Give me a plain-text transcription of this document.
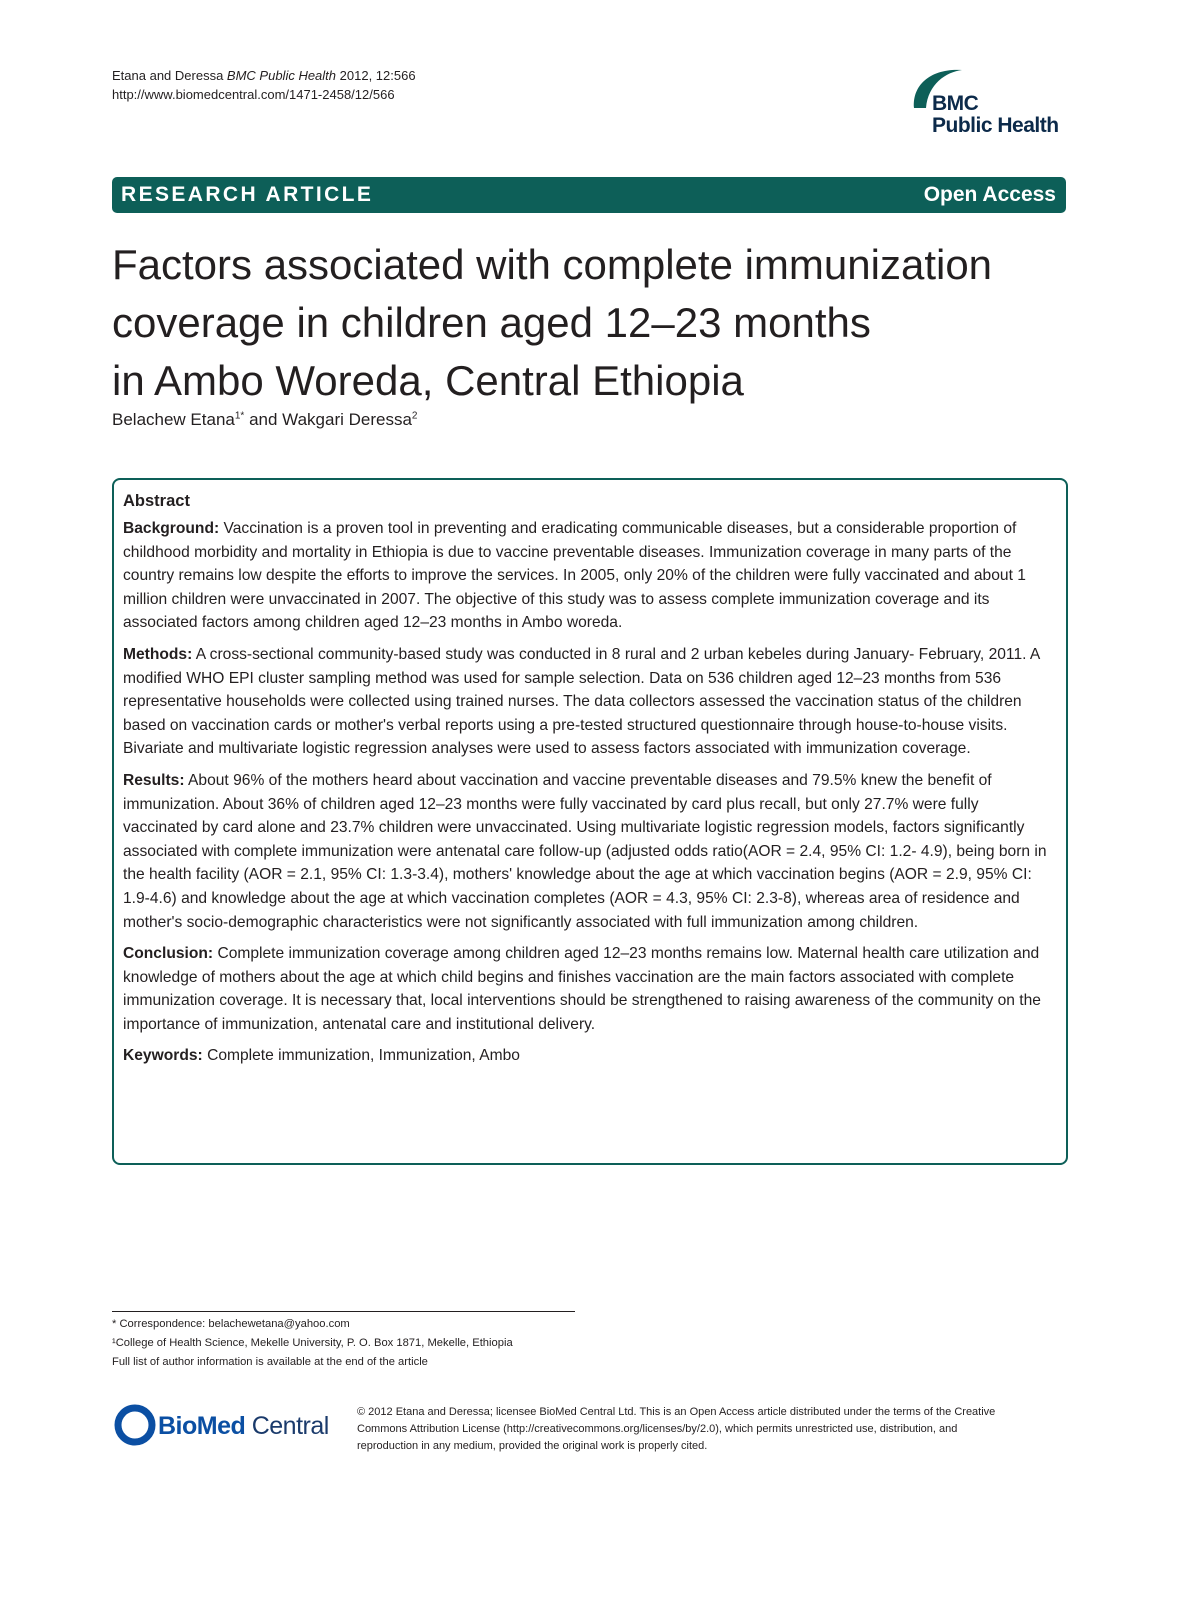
Etana and Deressa BMC Public Health 2012, 12:566
http://www.biomedcentral.com/1471-2458/12/566	BMC
Public Health
RESEARCH ARTICLE	Open Access
Factors associated with complete immunization
coverage in children aged 12–23 months
in Ambo Woreda, Central Ethiopia
Belachew Etana$^{1*}$ and Wakgari Deressa$^2$
Abstract

Background: Vaccination is a proven tool in preventing and eradicating communicable diseases, but a considerable proportion of childhood morbidity and mortality in Ethiopia is due to vaccine preventable diseases. Immunization coverage in many parts of the country remains low despite the efforts to improve the services. In 2005, only 20% of the children were fully vaccinated and about 1 million children were unvaccinated in 2007. The objective of this study was to assess complete immunization coverage and its associated factors among children aged 12–23 months in Ambo woreda.

Methods: A cross-sectional community-based study was conducted in 8 rural and 2 urban kebeles during January- February, 2011. A modified WHO EPI cluster sampling method was used for sample selection. Data on 536 children aged 12–23 months from 536 representative households were collected using trained nurses. The data collectors assessed the vaccination status of the children based on vaccination cards or mother's verbal reports using a pre-tested structured questionnaire through house-to-house visits. Bivariate and multivariate logistic regression analyses were used to assess factors associated with immunization coverage.

Results: About 96% of the mothers heard about vaccination and vaccine preventable diseases and 79.5% knew the benefit of immunization. About 36% of children aged 12–23 months were fully vaccinated by card plus recall, but only 27.7% were fully vaccinated by card alone and 23.7% children were unvaccinated. Using multivariate logistic regression models, factors significantly associated with complete immunization were antenatal care follow-up (adjusted odds ratio(AOR = 2.4, 95% CI: 1.2- 4.9), being born in the health facility (AOR = 2.1, 95% CI: 1.3-3.4), mothers' knowledge about the age at which vaccination begins (AOR = 2.9, 95% CI: 1.9-4.6) and knowledge about the age at which vaccination completes (AOR = 4.3, 95% CI: 2.3-8), whereas area of residence and mother's socio-demographic characteristics were not significantly associated with full immunization among children.

Conclusion: Complete immunization coverage among children aged 12–23 months remains low. Maternal health care utilization and knowledge of mothers about the age at which child begins and finishes vaccination are the main factors associated with complete immunization coverage. It is necessary that, local interventions should be strengthened to raising awareness of the community on the importance of immunization, antenatal care and institutional delivery.

Keywords: Complete immunization, Immunization, Ambo

* Correspondence: belachewetana@yahoo.com

¹College of Health Science, Mekelle University, P. O. Box 1871, Mekelle, Ethiopia

Full list of author information is available at the end of the article

BioMed Central	© 2012 Etana and Deressa; licensee BioMed Central Ltd. This is an Open Access article distributed under the terms of the Creative Commons Attribution License (http://creativecommons.org/licenses/by/2.0), which permits unrestricted use, distribution, and reproduction in any medium, provided the original work is properly cited.
